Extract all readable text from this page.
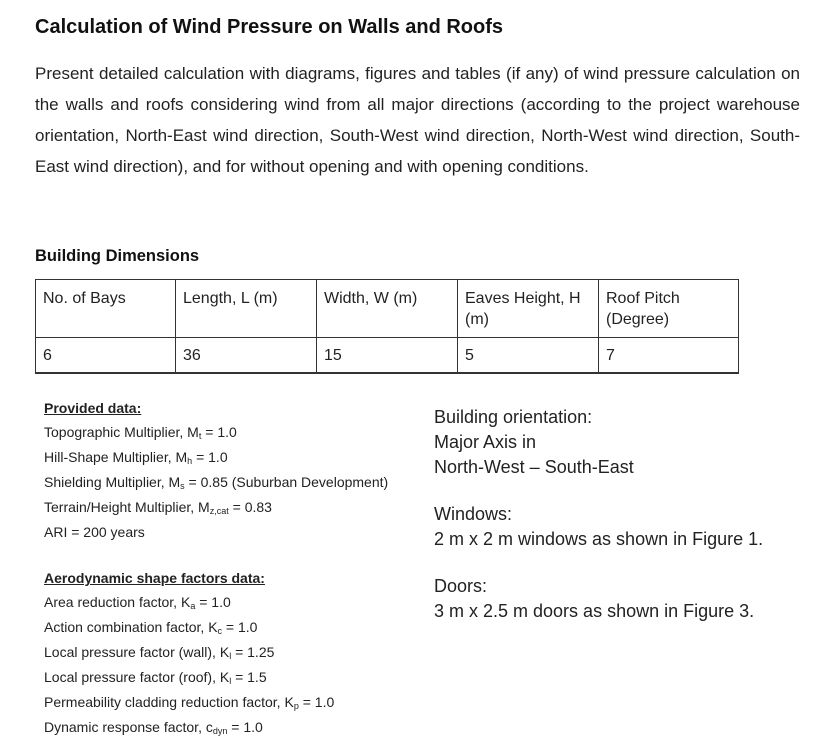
Calculation of Wind Pressure on Walls and Roofs
Present detailed calculation with diagrams, figures and tables (if any) of wind pressure calculation on the walls and roofs considering wind from all major directions (according to the project warehouse orientation, North-East wind direction, South-West wind direction, North-West wind direction, South-East wind direction), and for without opening and with opening conditions.
Building Dimensions
No. of Bays	Length, L (m)	Width, W (m)	Eaves Height, H (m)	Roof Pitch (Degree)
6	36	15	5	7
Provided data:
Topographic Multiplier, $M_t = 1.0$
Hill-Shape Multiplier, $M_h = 1.0$
Shielding Multiplier, $M_s = 0.85$ (Suburban Development)
Terrain/Height Multiplier, $M_{z,cat} = 0.83$
ARI = 200 years
Aerodynamic shape factors data:
Area reduction factor, $K_a = 1.0$
Action combination factor, $K_c = 1.0$
Local pressure factor (wall), $K_l = 1.25$
Local pressure factor (roof), $K_l = 1.5$
Permeability cladding reduction factor, $K_p = 1.0$
Dynamic response factor, $c_{dyn} = 1.0$
Building orientation:
Major Axis in
North-West – South-East
Windows:
2 m x 2 m windows as shown in Figure 1.
Doors:
3 m x 2.5 m doors as shown in Figure 3.
